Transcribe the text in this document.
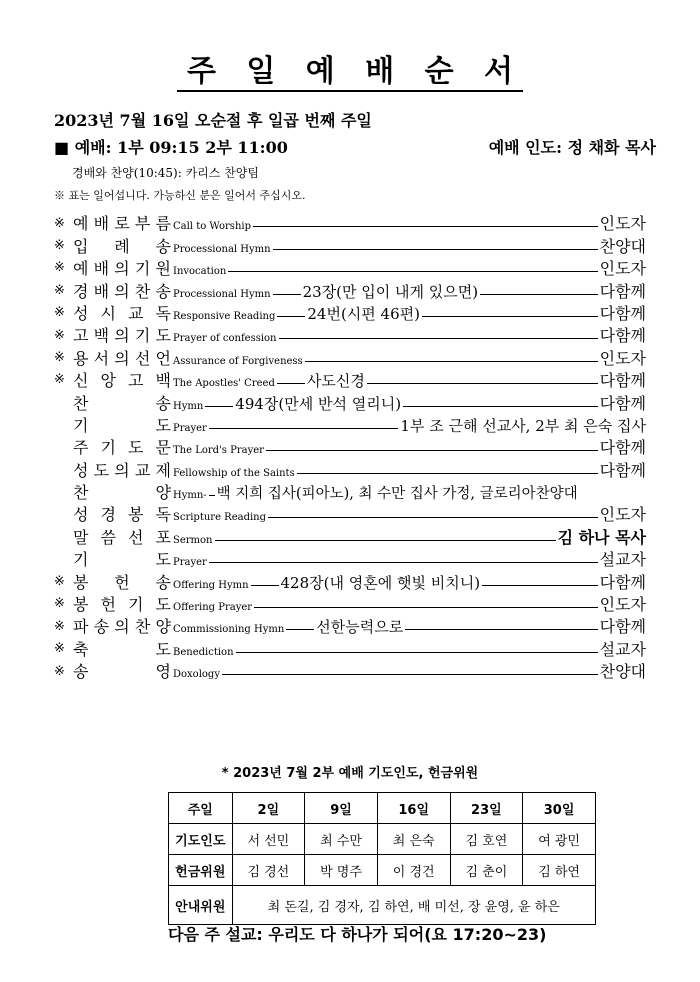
주 일 예 배 순 서
2023년 7월 16일 오순절 후 일곱 번째 주일
■ 예배: 1부 09:15 2부 11:00	예배 인도: 정 채화 목사
경배와 찬양(10:45): 카리스 찬양팀
※ 표는 일어섭니다. 가능하신 분은 일어서 주십시오.
※ 예 배 로 부 름 Call to Worship	인도자
※ 입 례 송 Processional Hymn	찬양대
※ 예 배 의 기 원 Invocation	인도자
※ 경 배 의 찬 송 Processional Hymn 23장(만 입이 내게 있으면)	다함께
※ 성 시 교 독 Responsive Reading 24번(시편 46편)	다함께
※ 고 백 의 기 도 Prayer of confession	다함께
※ 용 서 의 선 언 Assurance of Forgiveness	인도자
※ 신 앙 고 백 The Apostles' Creed 사도신경	다함께
찬	송 Hymn 494장(만세 반석 열리니)	다함께
기	도 Prayer	1부 조 근해 선교사, 2부 최 은숙 집사
주 기 도 문 The Lord's Prayer	다함께
성 도 의 교 제 Fellowship of the Saints	다함께
찬	양 Hymn- 백 지희 집사(피아노), 최 수만 집사 가정, 글로리아찬양대
성 경 봉 독 Scripture Reading	인도자
말 씀 선 포 Sermon	김 하나 목사
기	도 Prayer	설교자
※ 봉 헌 송 Offering Hymn 428장(내 영혼에 햇빛 비치니)	다함께
※ 봉 헌 기 도 Offering Prayer	인도자
※ 파 송 의 찬 양 Commissioning Hymn 선한능력으로	다함께
※ 축	도 Benediction	설교자
※ 송	영 Doxology	찬양대
* 2023년 7월 2부 예배 기도인도, 헌금위원
주일	2일	9일	16일	23일	30일
기도인도	서 선민	최 수만	최 은숙	김 호연	여 광민
헌금위원	김 경선	박 명주	이 경건	김 춘이	김 하연
안내위원	최 돈길, 김 경자, 김 하연, 배 미선, 장 윤영, 윤 하은				
다음 주 설교: 우리도 다 하나가 되어(요 17:20~23)
